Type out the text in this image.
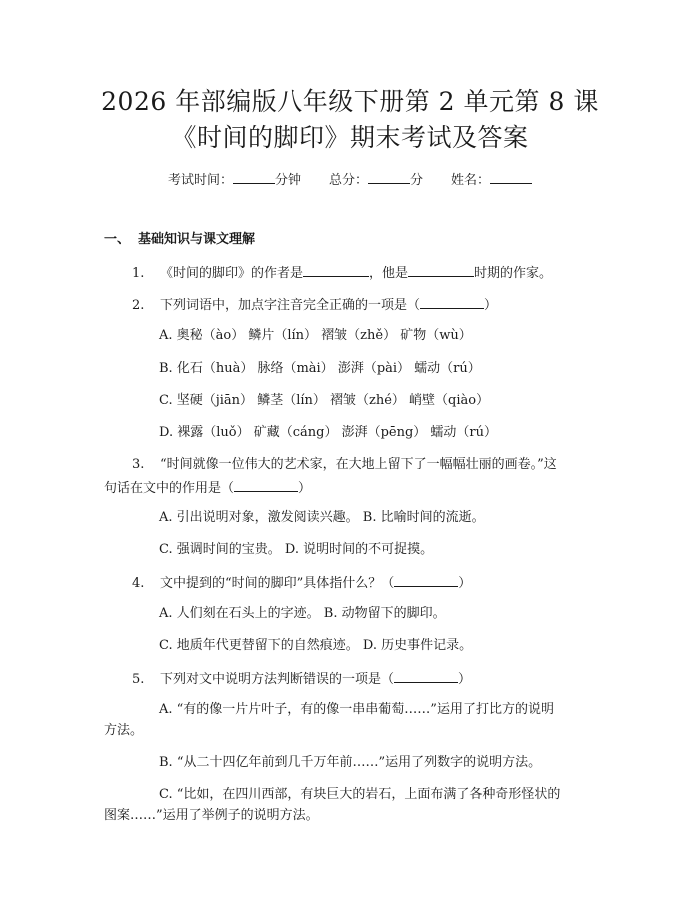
2026 年部编版八年级下册第 2 单元第 8 课
《时间的脚印》期末考试及答案
考试时间：	分钟 总分：	分 姓名：
一、 基础知识与课文理解
1. 《时间的脚印》的作者是	，他是	时期的作家。
2. 下列词语中，加点字注音完全正确的一项是（	）
A. 奥秘（ào） 鳞片（lín） 褶皱（zhě） 矿物（wù）
B. 化石（huà） 脉络（mài） 澎湃（pài） 蠕动（rú）
C. 坚硬（jiān） 鳞茎（lín） 褶皱（zhé） 峭壁（qiào）
D. 裸露（luǒ） 矿藏（cáng） 澎湃（pēng） 蠕动（rú）
3. “时间就像一位伟大的艺术家，在大地上留下了一幅幅壮丽的画卷。”这
句话在文中的作用是（	）
A. 引出说明对象，激发阅读兴趣。 B. 比喻时间的流逝。
C. 强调时间的宝贵。 D. 说明时间的不可捉摸。
4. 文中提到的“时间的脚印”具体指什么？（	）
A. 人们刻在石头上的字迹。 B. 动物留下的脚印。
C. 地质年代更替留下的自然痕迹。 D. 历史事件记录。
5. 下列对文中说明方法判断错误的一项是（	）
A. “有的像一片片叶子，有的像一串串葡萄……”运用了打比方的说明
方法。
B. “从二十四亿年前到几千万年前……”运用了列数字的说明方法。
C. “比如，在四川西部，有块巨大的岩石，上面布满了各种奇形怪状的
图案……”运用了举例子的说明方法。
